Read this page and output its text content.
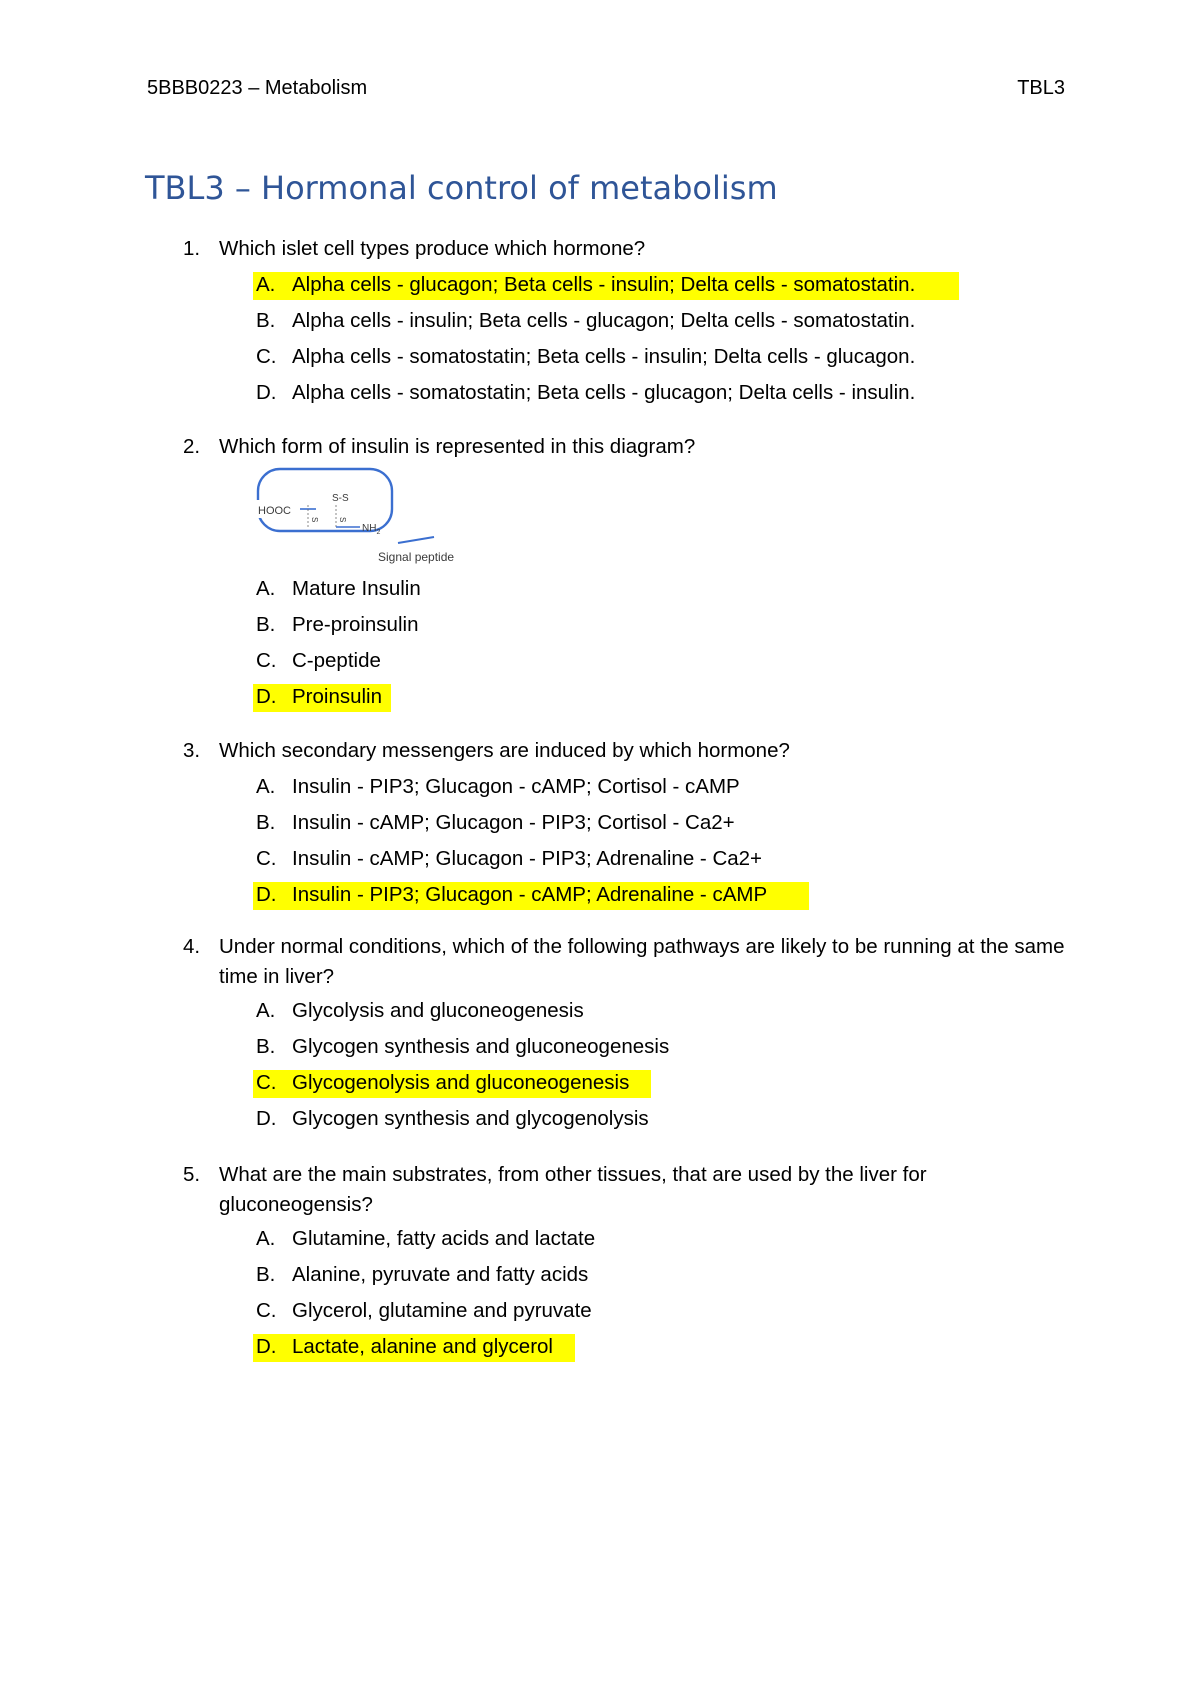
5BBB0223 – Metabolism	TBL3
TBL3 – Hormonal control of metabolism
1. Which islet cell types produce which hormone?
A. Alpha cells - glucagon; Beta cells - insulin; Delta cells - somatostatin.
B. Alpha cells - insulin; Beta cells - glucagon; Delta cells - somatostatin.
C. Alpha cells - somatostatin; Beta cells - insulin; Delta cells - glucagon.
D. Alpha cells - somatostatin; Beta cells - glucagon; Delta cells - insulin.
2. Which form of insulin is represented in this diagram?
HOOC
S-S
S S
$NH_2$
Signal peptide
A. Mature Insulin
B. Pre-proinsulin
C. C-peptide
D. Proinsulin
3. Which secondary messengers are induced by which hormone?
A. Insulin - PIP3; Glucagon - cAMP; Cortisol - cAMP
B. Insulin - cAMP; Glucagon - PIP3; Cortisol - Ca2+
C. Insulin - cAMP; Glucagon - PIP3; Adrenaline - Ca2+
D. Insulin - PIP3; Glucagon - cAMP; Adrenaline - cAMP
4. Under normal conditions, which of the following pathways are likely to be running at the same time in liver?
A. Glycolysis and gluconeogenesis
B. Glycogen synthesis and gluconeogenesis
C. Glycogenolysis and gluconeogenesis
D. Glycogen synthesis and glycogenolysis
5. What are the main substrates, from other tissues, that are used by the liver for gluconeogensis?
A. Glutamine, fatty acids and lactate
B. Alanine, pyruvate and fatty acids
C. Glycerol, glutamine and pyruvate
D. Lactate, alanine and glycerol
